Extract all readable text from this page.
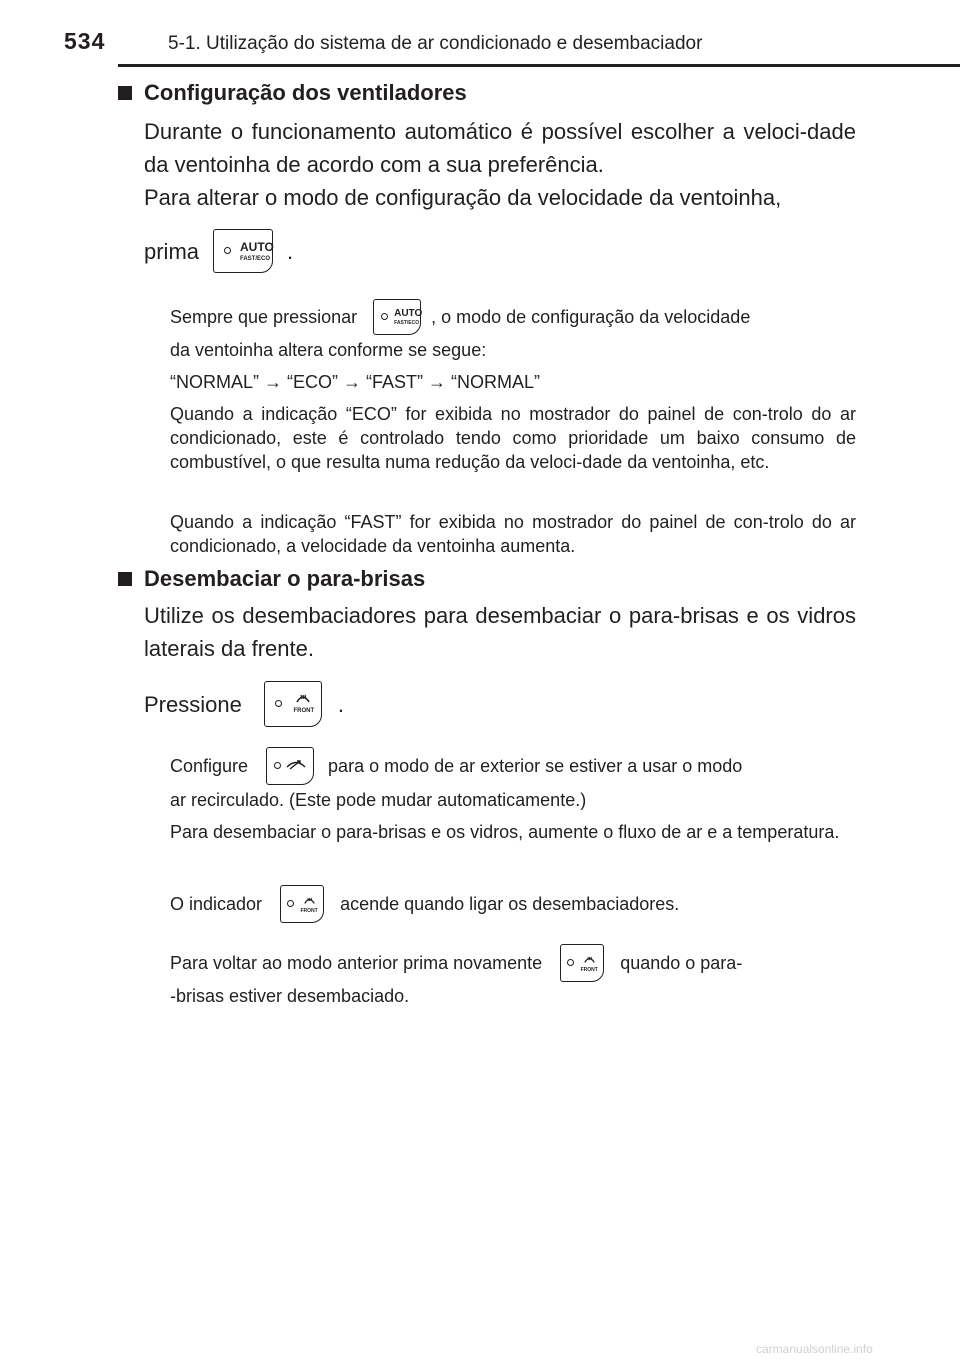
534	5-1. Utilização do sistema de ar condicionado e desembaciador
Configuração dos ventiladores
Durante o funcionamento automático é possível escolher a veloci-dade da ventoinha de acordo com a sua preferência.
Para alterar o modo de configuração da velocidade da ventoinha,
prima	AUTO
FAST/ECO .
Sempre que pressionar	AUTO
FAST/ECO , o modo de configuração da velocidade
da ventoinha altera conforme se segue:
“NORMAL” → “ECO” → “FAST” → “NORMAL”
Quando a indicação “ECO” for exibida no mostrador do painel de con-trolo do ar condicionado, este é controlado tendo como prioridade um baixo consumo de combustível, o que resulta numa redução da veloci-dade da ventoinha, etc.
Quando a indicação “FAST” for exibida no mostrador do painel de con-trolo do ar condicionado, a velocidade da ventoinha aumenta.
Desembaciar o para-brisas
Utilize os desembaciadores para desembaciar o para-brisas e os vidros laterais da frente.
Pressione	FRONT .
Configure	para o modo de ar exterior se estiver a usar o modo
ar recirculado. (Este pode mudar automaticamente.)
Para desembaciar o para-brisas e os vidros, aumente o fluxo de ar e a temperatura.
O indicador	FRONT acende quando ligar os desembaciadores.
Para voltar ao modo anterior prima novamente	FRONT quando o para-
-brisas estiver desembaciado.
carmanualsonline.info
